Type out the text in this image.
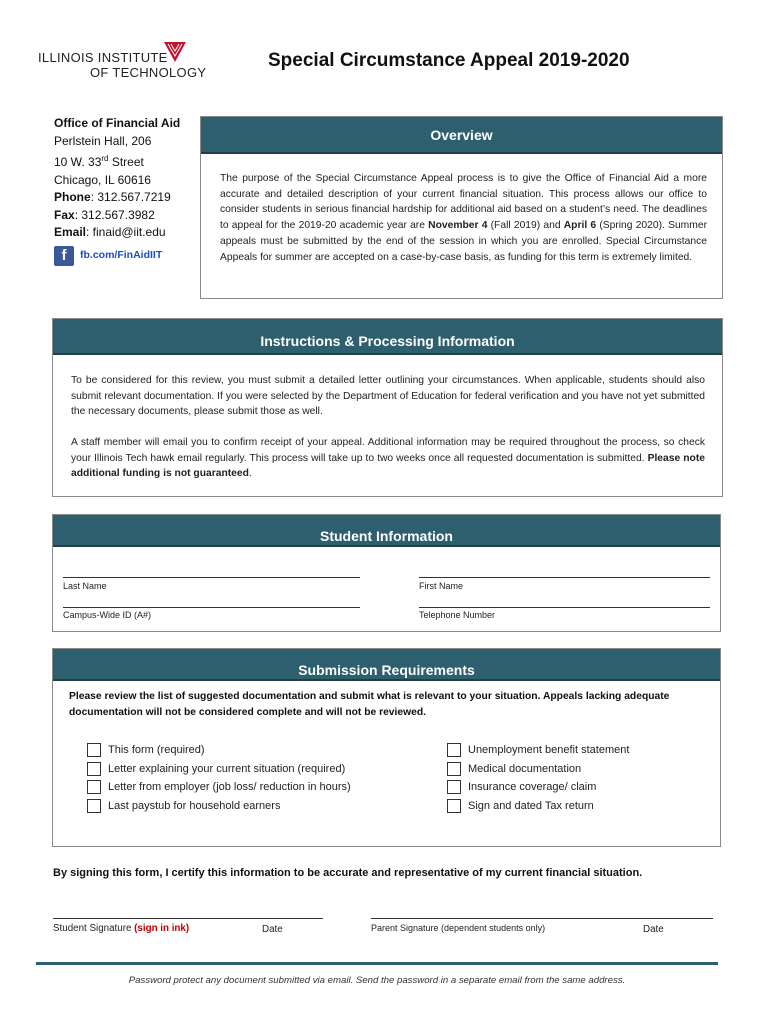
ILLINOIS INSTITUTE
OF TECHNOLOGY
Special Circumstance Appeal 2019-2020
Office of Financial Aid
Perlstein Hall, 206
10 W. 33rd Street
Chicago, IL 60616
Phone: 312.567.7219
Fax: 312.567.3982
Email: finaid@iit.edu
f	fb.com/FinAidIIT
Overview
The purpose of the Special Circumstance Appeal process is to give the Office of Financial Aid a more accurate and detailed description of your current financial situation. This process allows our office to consider students in serious financial hardship for additional aid based on a student’s need. The deadlines to appeal for the 2019-20 academic year are November 4 (Fall 2019) and April 6 (Spring 2020). Summer appeals must be submitted by the end of the session in which you are enrolled. Special Circumstance Appeals for summer are accepted on a case-by-case basis, as funding for this term is extremely limited.
Instructions & Processing Information
To be considered for this review, you must submit a detailed letter outlining your circumstances. When applicable, students should also submit relevant documentation. If you were selected by the Department of Education for federal verification and you have not yet submitted the necessary documents, please submit those as well.
A staff member will email you to confirm receipt of your appeal. Additional information may be required throughout the process, so check your Illinois Tech hawk email regularly. This process will take up to two weeks once all requested documentation is submitted. Please note additional funding is not guaranteed.
Student Information
Last Name	First Name
Campus-Wide ID (A#)	Telephone Number
Submission Requirements
Please review the list of suggested documentation and submit what is relevant to your situation. Appeals lacking adequate documentation will not be considered complete and will not be reviewed.
This form (required)
Letter explaining your current situation (required)
Letter from employer (job loss/ reduction in hours)
Last paystub for household earners
Unemployment benefit statement
Medical documentation
Insurance coverage/ claim
Sign and dated Tax return
By signing this form, I certify this information to be accurate and representative of my current financial situation.
Student Signature (sign in ink)	Date	Parent Signature (dependent students only)	Date
Password protect any document submitted via email. Send the password in a separate email from the same address.
